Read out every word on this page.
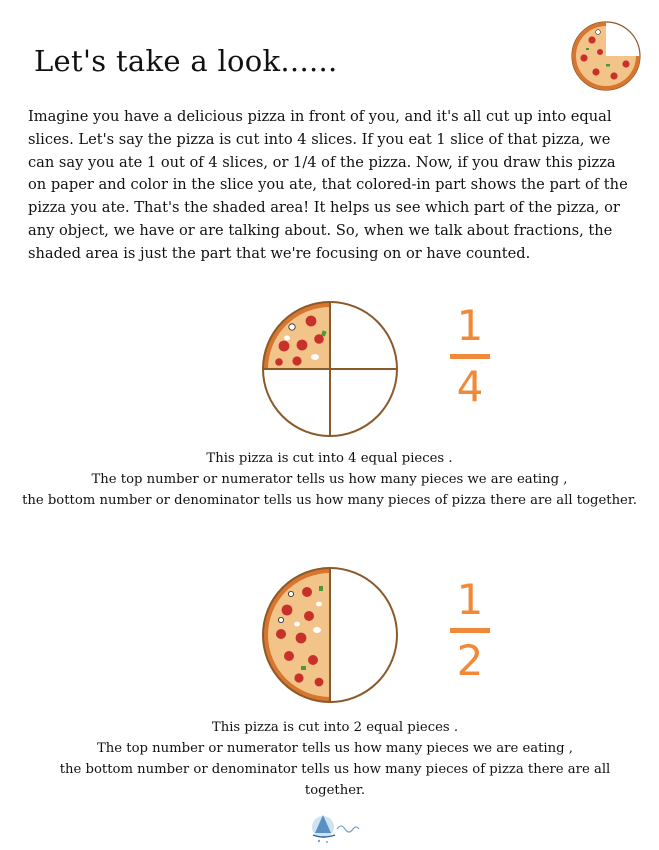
Let's take a look......

Imagine you have a delicious pizza in front of you, and it's all cut up into equal slices. Let's say the pizza is cut into 4 slices. If you eat 1 slice of that pizza, we can say you ate 1 out of 4 slices, or 1/4 of the pizza. Now, if you draw this pizza on paper and color in the slice you ate, that colored-in part shows the part of the pizza you ate. That's the shaded area! It helps us see which part of the pizza, or any object, we have or are talking about. So, when we talk about fractions, the shaded area is just the part that we're focusing on or have counted.

1
4

This pizza is cut into 4 equal pieces .
The top number or numerator tells us how many pieces we are eating ,
the bottom number or denominator tells us how many pieces of pizza there are all together.

1
2

This pizza is cut into 2 equal pieces .
The top number or numerator tells us how many pieces we are eating ,
the bottom number or denominator tells us how many pieces of pizza there are all together.
